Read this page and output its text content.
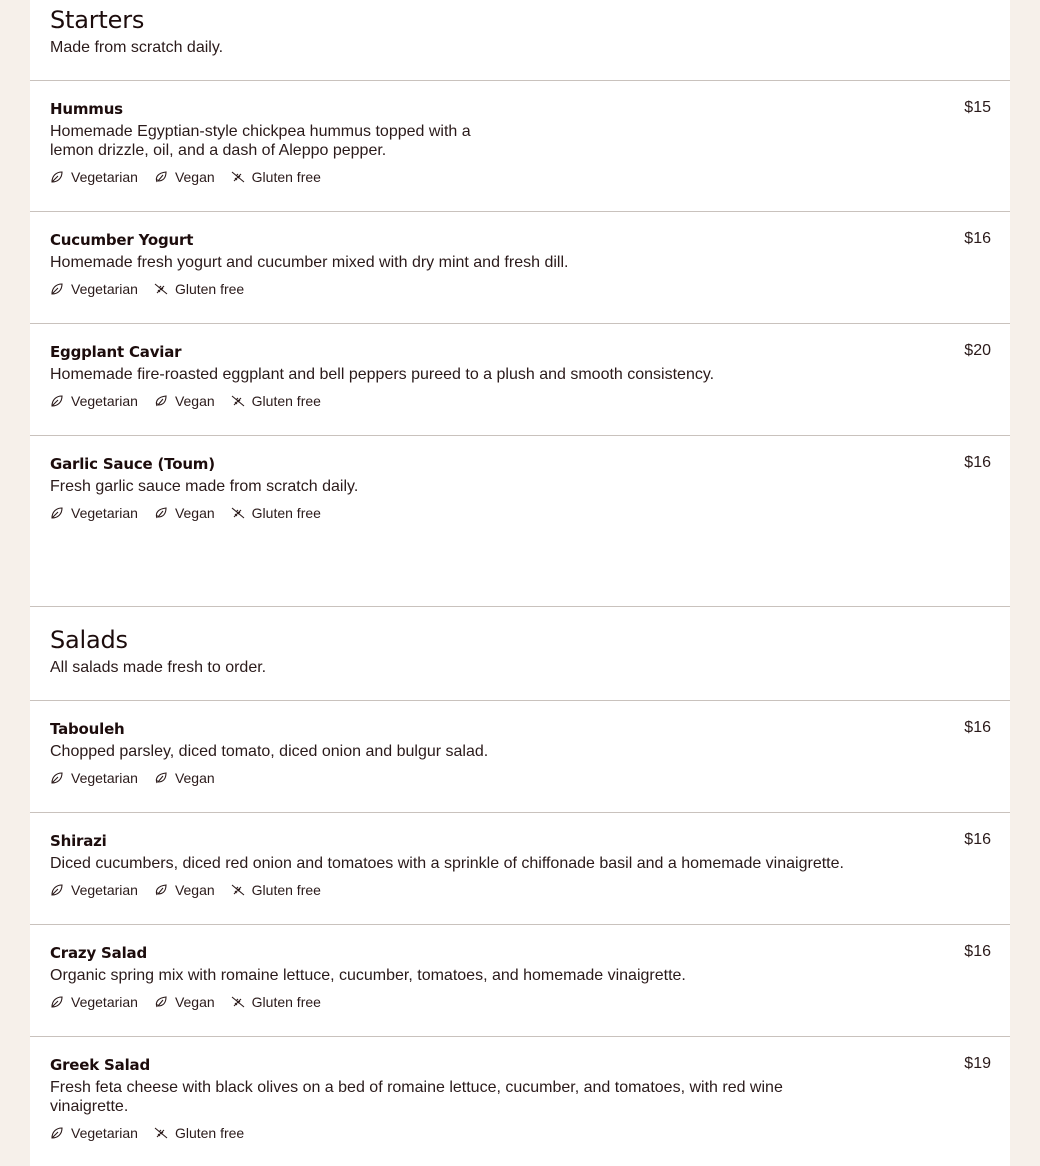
Starters
Made from scratch daily.
$15
Hummus
Homemade Egyptian-style chickpea hummus topped with a
lemon drizzle, oil, and a dash of Aleppo pepper.
Vegetarian	Vegan	Gluten free
$16
Cucumber Yogurt
Homemade fresh yogurt and cucumber mixed with dry mint and fresh dill.
Vegetarian	Gluten free
$20
Eggplant Caviar
Homemade fire-roasted eggplant and bell peppers pureed to a plush and smooth consistency.
Vegetarian	Vegan	Gluten free
$16
Garlic Sauce (Toum)
Fresh garlic sauce made from scratch daily.
Vegetarian	Vegan	Gluten free
Salads
All salads made fresh to order.
$16
Tabouleh
Chopped parsley, diced tomato, diced onion and bulgur salad.
Vegetarian	Vegan
$16
Shirazi
Diced cucumbers, diced red onion and tomatoes with a sprinkle of chiffonade basil and a homemade vinaigrette.
Vegetarian	Vegan	Gluten free
$16
Crazy Salad
Organic spring mix with romaine lettuce, cucumber, tomatoes, and homemade vinaigrette.
Vegetarian	Vegan	Gluten free
$19
Greek Salad
Fresh feta cheese with black olives on a bed of romaine lettuce, cucumber, and tomatoes, with red wine
vinaigrette.
Vegetarian	Gluten free
